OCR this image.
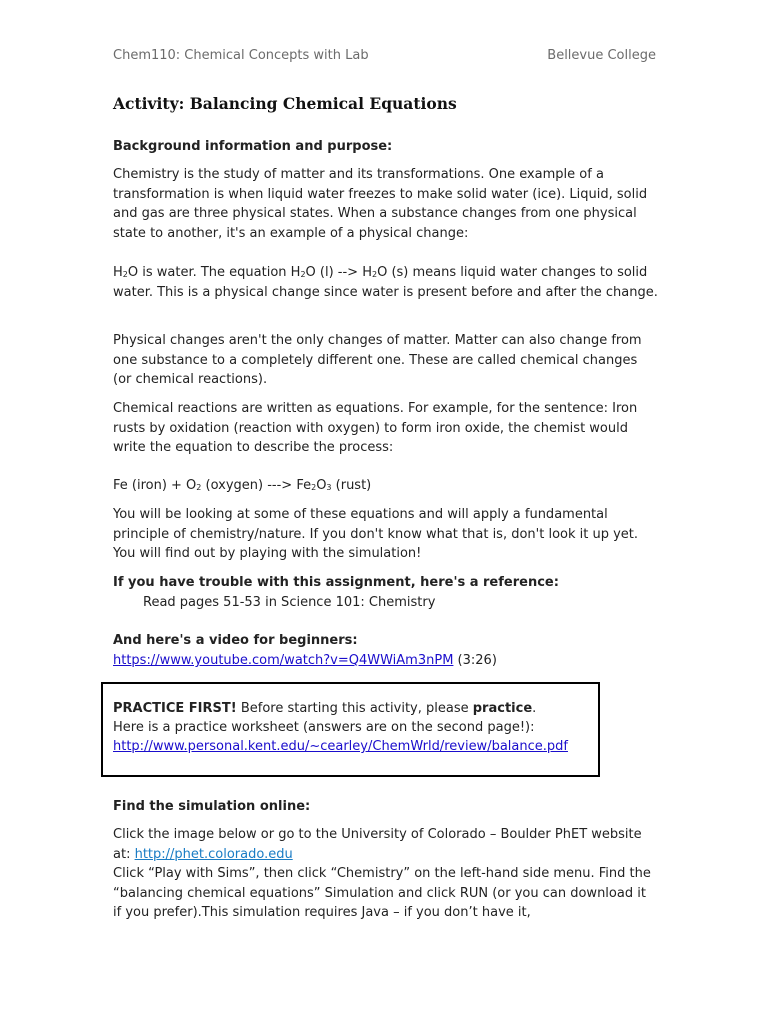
Chem110: Chemical Concepts with Lab	Bellevue College
Activity: Balancing Chemical Equations
Background information and purpose:
Chemistry is the study of matter and its transformations. One example of a transformation is when liquid water freezes to make solid water (ice). Liquid, solid and gas are three physical states. When a substance changes from one physical state to another, it's an example of a physical change:
$H_2O$ is water. The equation $H_2O$ (l) --> $H_2O$ (s) means liquid water changes to solid water. This is a physical change since water is present before and after the change.
Physical changes aren't the only changes of matter. Matter can also change from one substance to a completely different one. These are called chemical changes (or chemical reactions).
Chemical reactions are written as equations. For example, for the sentence: Iron rusts by oxidation (reaction with oxygen) to form iron oxide, the chemist would write the equation to describe the process:
Fe (iron) + $O_2$ (oxygen) ---> $Fe_2O_3$ (rust)
You will be looking at some of these equations and will apply a fundamental principle of chemistry/nature. If you don't know what that is, don't look it up yet. You will find out by playing with the simulation!
If you have trouble with this assignment, here's a reference:
Read pages 51-53 in Science 101: Chemistry
And here's a video for beginners:
https://www.youtube.com/watch?v=Q4WWiAm3nPM (3:26)
PRACTICE FIRST! Before starting this activity, please practice.
Here is a practice worksheet (answers are on the second page!):
http://www.personal.kent.edu/~cearley/ChemWrld/review/balance.pdf
Find the simulation online:
Click the image below or go to the University of Colorado – Boulder PhET website at: http://phet.colorado.edu
Click “Play with Sims”, then click “Chemistry” on the left-hand side menu. Find the “balancing chemical equations” Simulation and click RUN (or you can download it if you prefer).This simulation requires Java – if you don’t have it,
